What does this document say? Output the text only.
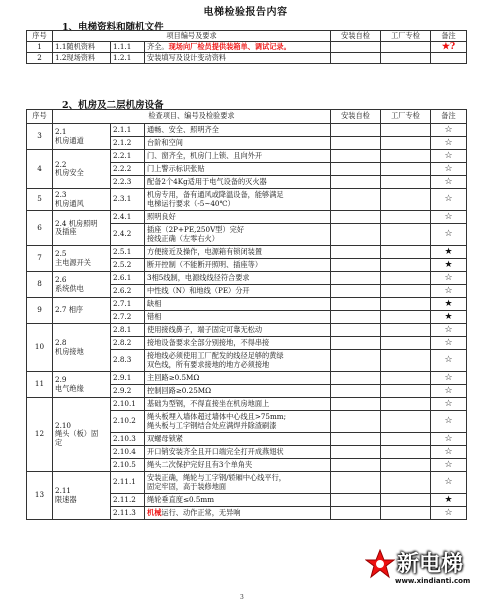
电梯检验报告内容
1、电梯资料和随机文件
序号	项目编号及要求			安装自检	工厂专检	备注
1	1.1随机资料	1.1.1	齐全。现场向厂检员提供装箱单、调试记录。			★?
2	1.2现场资料	1.2.1	安装填写及设计变动资料			
2、机房及二层机房设备
序号	检查项目、编号及检验要求			安装自检	工厂专检	备注
3	2.1
机房通道	2.1.1	通畅、安全、照明齐全			☆
		2.1.2	台阶和空间			☆
4	2.2
机房安全	2.2.1	门、窗齐全，机房门上锁、且向外开			☆
		2.2.2	门上警示标识张贴			☆
		2.2.3	配备2个4Kg适用于电气设备的灭火器			☆
5	2.3
机房通风	2.3.1	机房专用，备有通风或降温设备，能够满足
电梯运行要求（-5~40℃）			☆
6	2.4 机房照明
及插座	2.4.1	照明良好			☆
		2.4.2	插座（2P+PE,250V型）完好
接线正确（左零右火）			☆
7	2.5
主电源开关	2.5.1	方便接近及操作，电源箱有锁闭装置			★
		2.5.2	断开控制（不能断开照明、插座等）			★
8	2.6
系统供电	2.6.1	3相5线制，电源线线径符合要求			☆
		2.6.2	中性线（N）和地线（PE）分开			☆
9	2.7 相序	2.7.1	缺相			★
		2.7.2	错相			★
10	2.8
机房接地	2.8.1	使用接线鼻子，端子固定可靠无松动			☆
		2.8.2	接地设备要求全部分别接地，不得串接			☆
		2.8.3	接地线必须使用工厂配发的线径足够的黄绿
双色线，所有要求接地的地方必须接地			☆
11	2.9
电气绝缘	2.9.1	主回路≥0.5MΩ			☆
		2.9.2	控制回路≥0.25MΩ			☆
12	2.10
绳头（板）固
定	2.10.1	基础为型钢，不得直接坐在机房地面上			☆
		2.10.2	绳头板埋入墙体超过墙体中心线且>75mm;
绳头板与工字钢结合处应满焊并除渣刷漆			☆
		2.10.3	双螺母锁紧			☆
		2.10.4	开口销安装齐全且开口端完全打开成燕翅状			☆
		2.10.5	绳头二次保护完好且有3个单角夹			☆
13	2.11
限速器	2.11.1	安装正确，绳轮与工字钢/轿厢中心线平行，
固定牢固，高于装修地面			☆
		2.11.2	绳轮垂直度≤0.5mm			★
		2.11.3	机械运行、动作正常，无异响			☆
新电梯
www.xindianti.com
3
